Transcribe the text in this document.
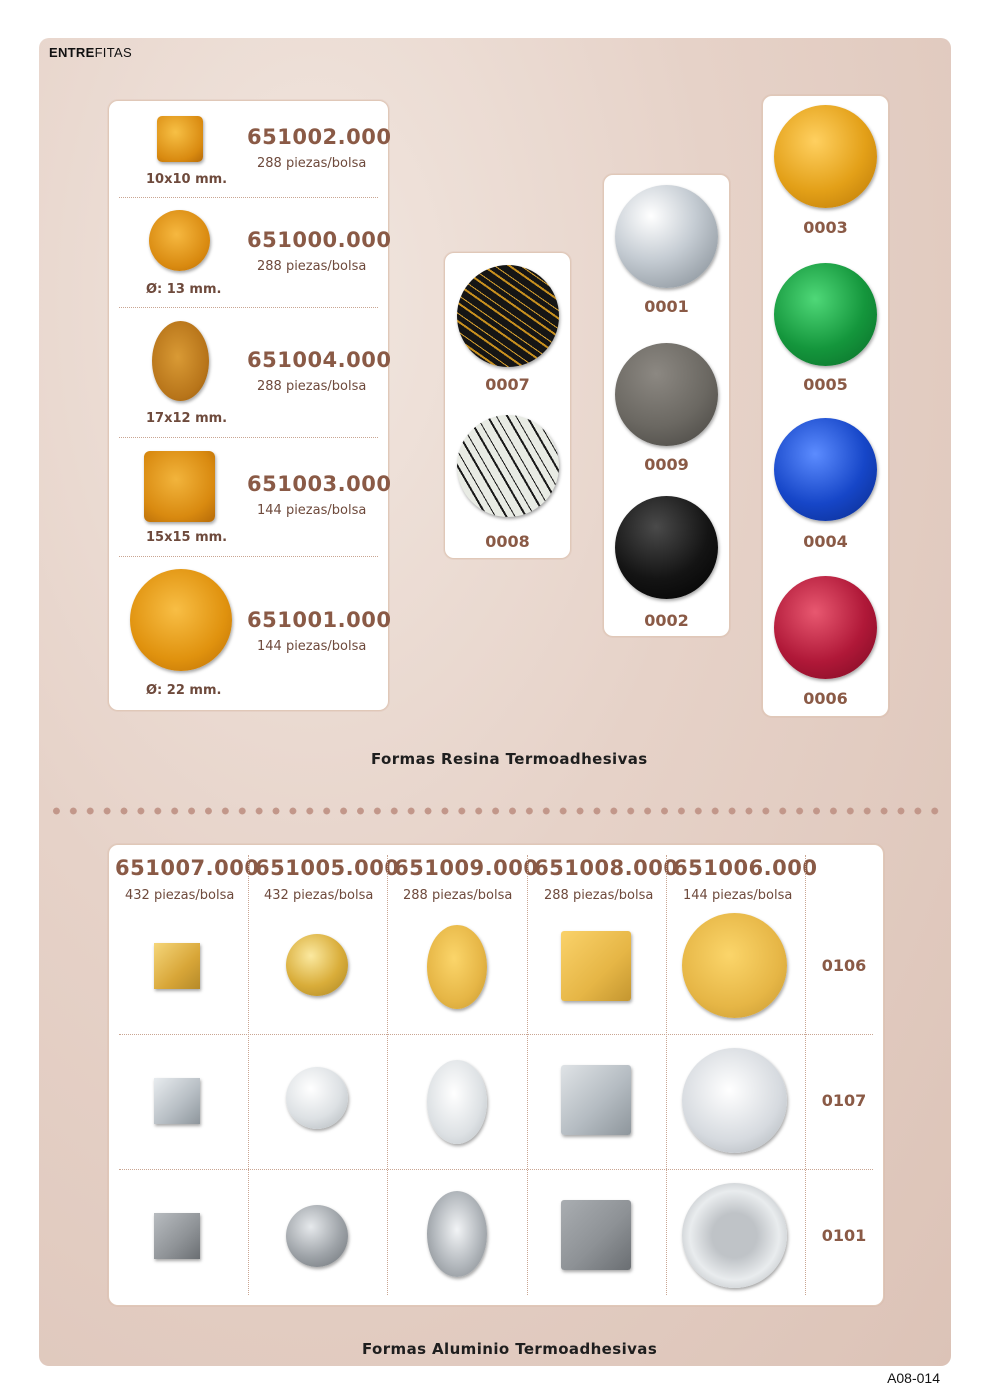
ENTREFITAS
10x10 mm.
651002.000
288 piezas/bolsa
Ø: 13 mm.
651000.000
288 piezas/bolsa
17x12 mm.
651004.000
288 piezas/bolsa
15x15 mm.
651003.000
144 piezas/bolsa
Ø: 22 mm.
651001.000
144 piezas/bolsa
0007
0008
0001
0009
0002
0003
0005
0004
0006
Formas Resina Termoadhesivas
651007.000
432 piezas/bolsa
651005.000
432 piezas/bolsa
651009.000
288 piezas/bolsa
651008.000
288 piezas/bolsa
651006.000
144 piezas/bolsa
0106
0107
0101
Formas Aluminio Termoadhesivas
A08-014
